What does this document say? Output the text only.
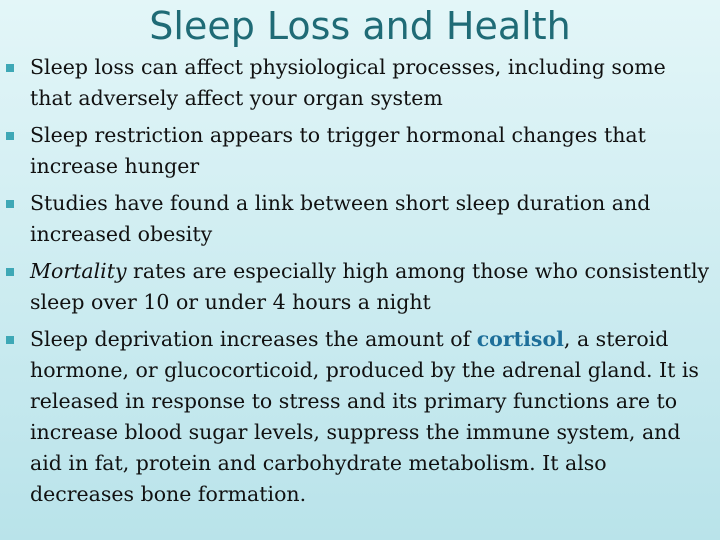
Sleep Loss and Health
Sleep loss can affect physiological processes, including some that adversely affect your organ system
Sleep restriction appears to trigger hormonal changes that increase hunger
Studies have found a link between short sleep duration and increased obesity
Mortality rates are especially high among those who consistently sleep over 10 or under 4 hours a night
Sleep deprivation increases the amount of cortisol, a steroid hormone, or glucocorticoid, produced by the adrenal gland. It is released in response to stress and its primary functions are to increase blood sugar levels, suppress the immune system, and aid in fat, protein and carbohydrate metabolism. It also decreases bone formation.
